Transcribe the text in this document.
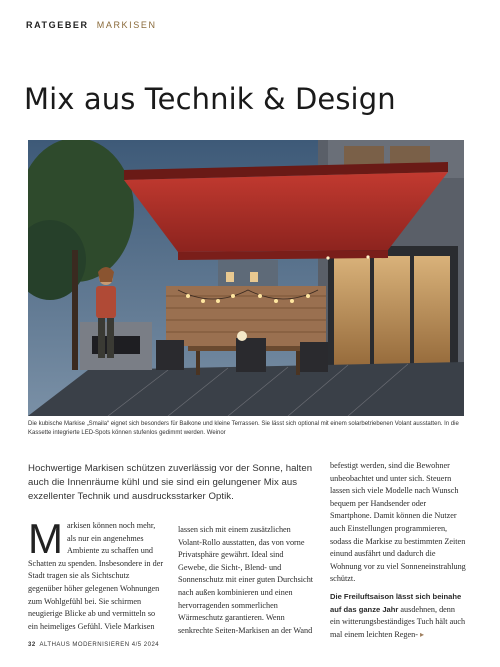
RATGEBER MARKISEN
Mix aus Technik & Design
Die kubische Markise „Smaila“ eignet sich besonders für Balkone und kleine Terrassen. Sie lässt sich optional mit einem solarbetriebenen Volant ausstatten. In die Kassette integrierte LED-Spots können stufenlos gedimmt werden. Weinor

Hochwertige Markisen schützen zuverlässig vor der Sonne, halten auch die Innenräume kühl und sie sind ein gelungener Mix aus exzellenter Technik und ausdrucksstarker Optik.

M arkisen können noch mehr, als nur ein angenehmes Ambiente zu schaffen und Schatten zu spenden. Insbesondere in der Stadt tragen sie als Sichtschutz gegenüber höher gelegenen Wohnungen zum Wohlgefühl bei. Sie schirmen neugierige Blicke ab und vermitteln so ein heimeliges Gefühl. Viele Markisen
lassen sich mit einem zusätzlichen Volant-Rollo ausstatten, das von vorne Privatsphäre gewährt. Ideal sind Gewebe, die Sicht-, Blend- und Sonnenschutz mit einer guten Durchsicht nach außen kombinieren und einen hervorragenden sommerlichen Wärmeschutz garantieren. Wenn senkrechte Seiten-Markisen an der Wand
befestigt werden, sind die Bewohner unbeobachtet und unter sich. Steuern lassen sich viele Modelle nach Wunsch bequem per Handsender oder Smartphone. Damit können die Nutzer auch Einstellungen programmieren, sodass die Markise zu bestimmten Zeiten einund ausfährt und dadurch die Wohnung vor zu viel Sonneneinstrahlung schützt.
Die Freiluftsaison lässt sich beinahe auf das ganze Jahr ausdehnen, denn ein witterungsbeständiges Tuch hält auch mal einem leichten Regen- ▸
32 ALTHAUS MODERNISIEREN 4/5 2024
